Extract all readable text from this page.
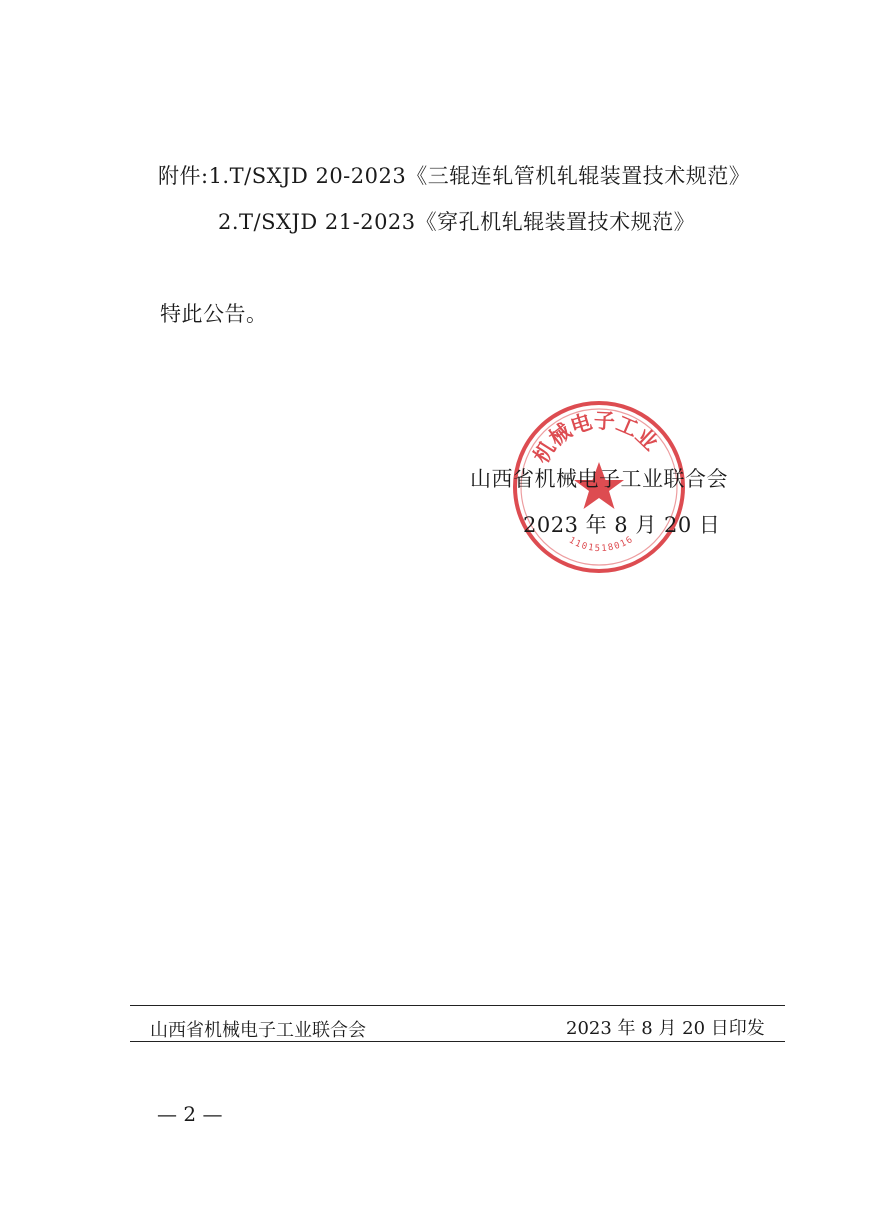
附件:1.T/SXJD 20-2023《三辊连轧管机轧辊装置技术规范》
2.T/SXJD 21-2023《穿孔机轧辊装置技术规范》
特此公告。
机械电子工业
1101518016
山西省机械电子工业联合会
2023 年 8 月 20 日
山西省机械电子工业联合会	2023 年 8 月 20 日印发
— 2 —
